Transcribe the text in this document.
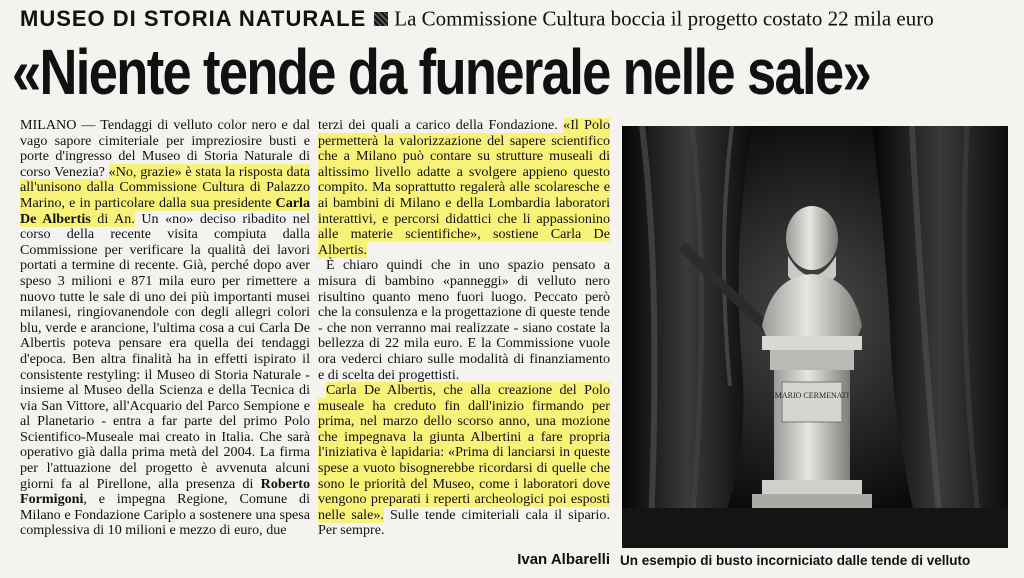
MUSEO DI STORIA NATURALE La Commissione Cultura boccia il progetto costato 22 mila euro
«Niente tende da funerale nelle sale»

MILANO — Tendaggi di velluto color nero e dal vago sapore cimiteriale per impreziosire busti e porte d'ingresso del Museo di Storia Naturale di corso Venezia? «No, grazie» è stata la risposta data all'unisono dalla Commissione Cultura di Palazzo Marino, e in particolare dalla sua presidente Carla De Albertis di An. Un «no» deciso ribadito nel corso della recente visita compiuta dalla Commissione per verificare la qualità dei lavori portati a termine di recente. Già, perché dopo aver speso 3 milioni e 871 mila euro per rimettere a nuovo tutte le sale di uno dei più importanti musei milanesi, ringiovanendole con degli allegri colori blu, verde e arancione, l'ultima cosa a cui Carla De Albertis poteva pensare era quella dei tendaggi d'epoca. Ben altra finalità ha in effetti ispirato il consistente restyling: il Museo di Storia Naturale - insieme al Museo della Scienza e della Tecnica di via San Vittore, all'Acquario del Parco Sempione e al Planetario - entra a far parte del primo Polo Scientifico-Museale mai creato in Italia. Che sarà operativo già dalla prima metà del 2004. La firma per l'attuazione del progetto è avvenuta alcuni giorni fa al Pirellone, alla presenza di Roberto Formigoni, e impegna Regione, Comune di Milano e Fondazione Cariplo a sostenere una spesa complessiva di 10 milioni e mezzo di euro, due

terzi dei quali a carico della Fondazione. «Il Polo permetterà la valorizzazione del sapere scientifico che a Milano può contare su strutture museali di altissimo livello adatte a svolgere appieno questo compito. Ma soprattutto regalerà alle scolaresche e ai bambini di Milano e della Lombardia laboratori interattivi, e percorsi didattici che li appassionino alle materie scientifiche», sostiene Carla De Albertis.

È chiaro quindi che in uno spazio pensato a misura di bambino «panneggi» di velluto nero risultino quanto meno fuori luogo. Peccato però che la consulenza e la progettazione di queste tende - che non verranno mai realizzate - siano costate la bellezza di 22 mila euro. E la Commissione vuole ora vederci chiaro sulle modalità di finanziamento e di scelta dei progettisti.

Carla De Albertis, che alla creazione del Polo museale ha creduto fin dall'inizio firmando per prima, nel marzo dello scorso anno, una mozione che impegnava la giunta Albertini a fare propria l'iniziativa è lapidaria: «Prima di lanciarsi in queste spese a vuoto bisognerebbe ricordarsi di quelle che sono le priorità del Museo, come i laboratori dove vengono preparati i reperti archeologici poi esposti nelle sale». Sulle tende cimiteriali cala il sipario. Per sempre.

Ivan Albarelli
MARIO CERMENATI
Un esempio di busto incorniciato dalle tende di velluto
